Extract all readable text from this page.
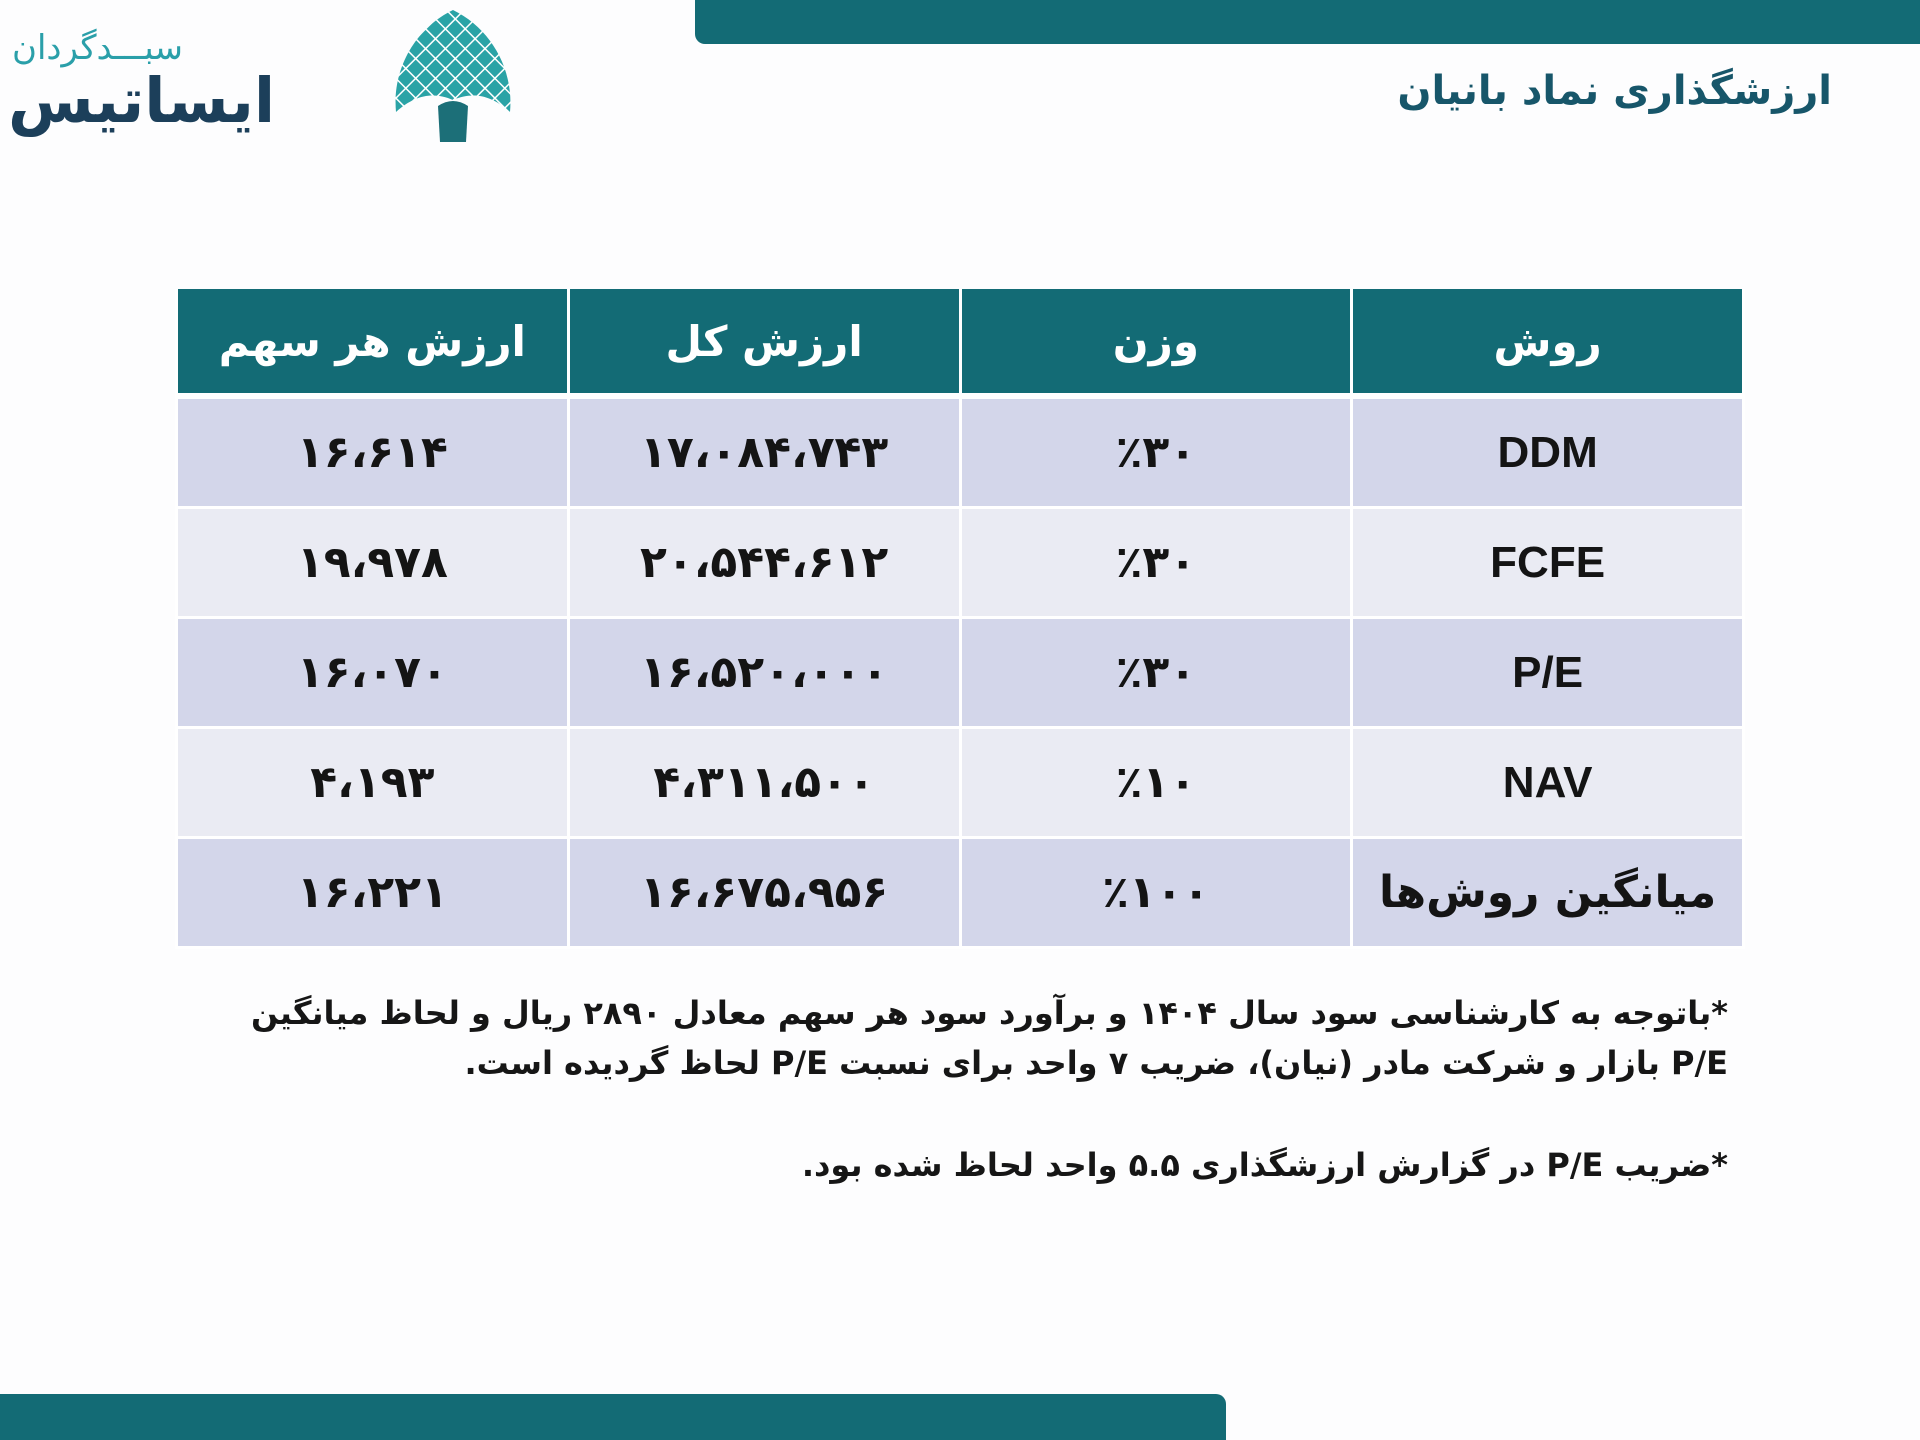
سبـــدگردان
ایساتیس	ارزشگذاری نماد بانیان
روش	وزن	ارزش کل	ارزش هر سهم
DDM	٪۳۰	۱۷،۰۸۴،۷۴۳	۱۶،۶۱۴
FCFE	٪۳۰	۲۰،۵۴۴،۶۱۲	۱۹،۹۷۸
P/E	٪۳۰	۱۶،۵۲۰،۰۰۰	۱۶،۰۷۰
NAV	٪۱۰	۴،۳۱۱،۵۰۰	۴،۱۹۳
میانگین روش‌ها	٪۱۰۰	۱۶،۶۷۵،۹۵۶	۱۶،۲۲۱

*باتوجه به کارشناسی سود سال ۱۴۰۴ و برآورد سود هر سهم معادل ۲۸۹۰ ریال و لحاظ میانگین P/E بازار و شرکت مادر (نیان)، ضریب ۷ واحد برای نسبت P/E لحاظ گردیده است.

*ضریب P/E در گزارش ارزشگذاری ۵.۵ واحد لحاظ شده بود.
